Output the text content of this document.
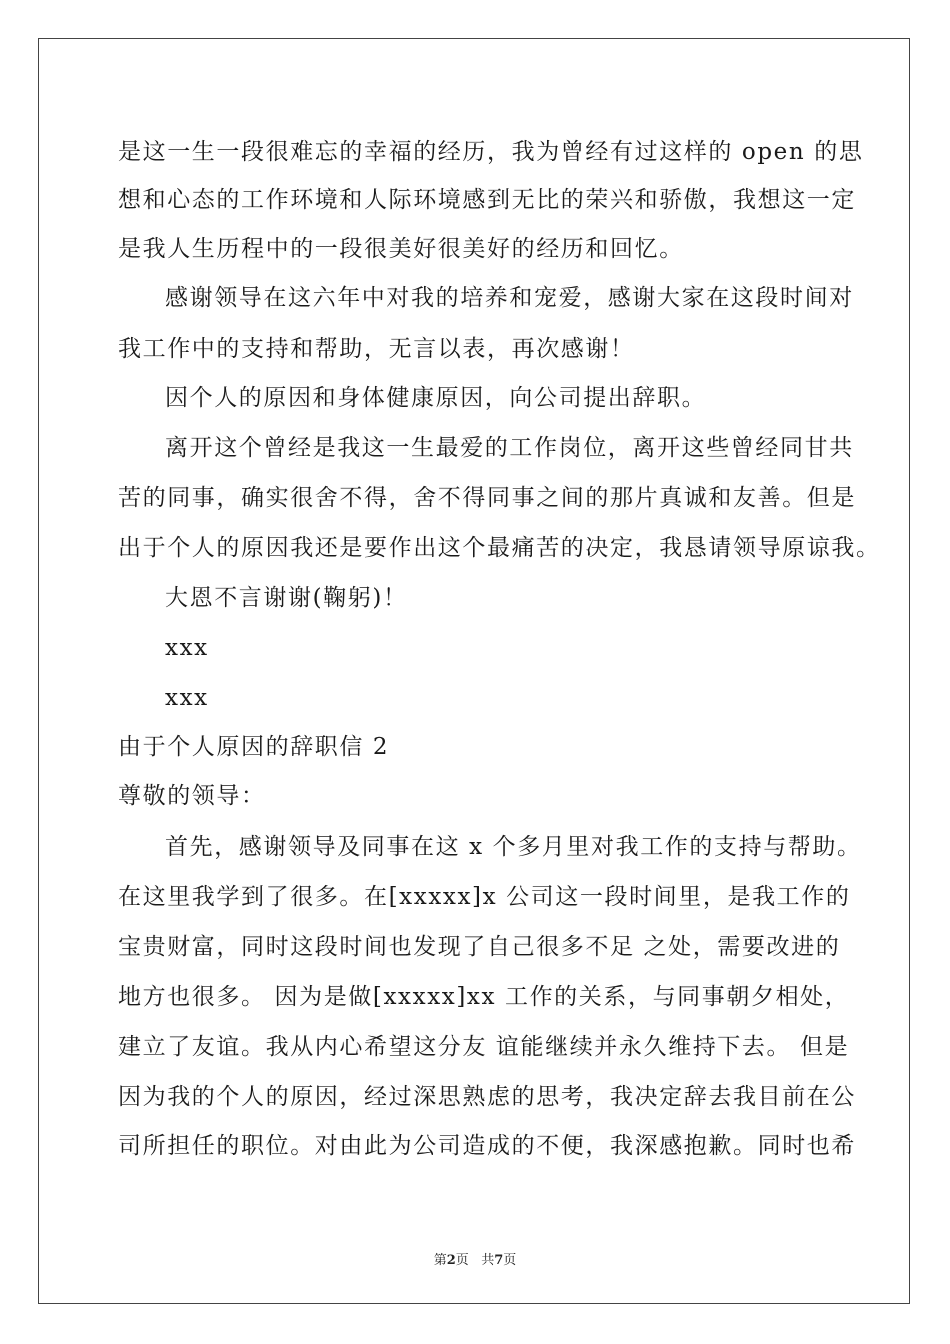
是这一生一段很难忘的幸福的经历，我为曾经有过这样的 open 的思
想和心态的工作环境和人际环境感到无比的荣兴和骄傲，我想这一定
是我人生历程中的一段很美好很美好的经历和回忆。
感谢领导在这六年中对我的培养和宠爱，感谢大家在这段时间对
我工作中的支持和帮助，无言以表，再次感谢！
因个人的原因和身体健康原因，向公司提出辞职。
离开这个曾经是我这一生最爱的工作岗位，离开这些曾经同甘共
苦的同事，确实很舍不得，舍不得同事之间的那片真诚和友善。但是
出于个人的原因我还是要作出这个最痛苦的决定，我恳请领导原谅我。
大恩不言谢谢(鞠躬)！
xxx
xxx
由于个人原因的辞职信 2
尊敬的领导：
首先，感谢领导及同事在这 x 个多月里对我工作的支持与帮助。
在这里我学到了很多。在[xxxxx]x 公司这一段时间里，是我工作的
宝贵财富，同时这段时间也发现了自己很多不足 之处，需要改进的
地方也很多。 因为是做[xxxxx]xx 工作的关系，与同事朝夕相处，
建立了友谊。我从内心希望这分友 谊能继续并永久维持下去。 但是
因为我的个人的原因，经过深思熟虑的思考，我决定辞去我目前在公
司所担任的职位。对由此为公司造成的不便，我深感抱歉。同时也希
第2页 共7页
